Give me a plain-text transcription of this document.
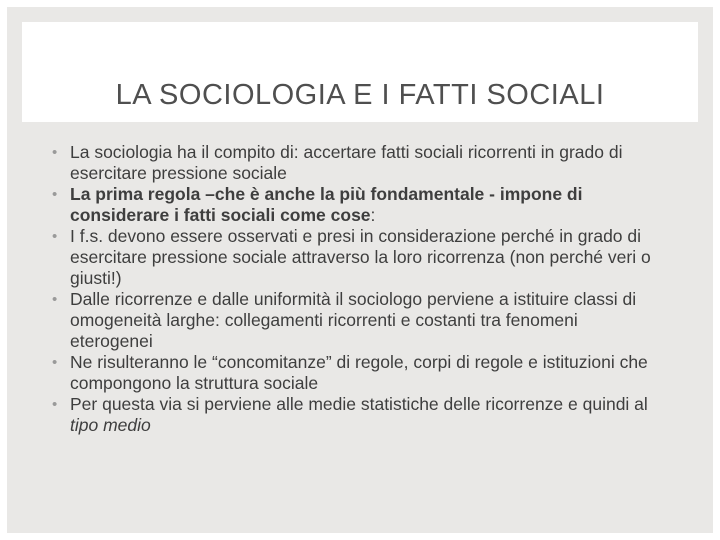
LA SOCIOLOGIA E I FATTI SOCIALI
• La sociologia ha il compito di: accertare fatti sociali ricorrenti in grado di esercitare pressione sociale
• La prima regola –che è anche la più fondamentale - impone di considerare i fatti sociali come cose:
• I f.s. devono essere osservati e presi in considerazione perché in grado di esercitare pressione sociale attraverso la loro ricorrenza (non perché veri o giusti!)
• Dalle ricorrenze e dalle uniformità il sociologo perviene a istituire classi di omogeneità larghe: collegamenti ricorrenti e costanti tra fenomeni eterogenei
• Ne risulteranno le “concomitanze” di regole, corpi di regole e istituzioni che compongono la struttura sociale
• Per questa via si perviene alle medie statistiche delle ricorrenze e quindi al tipo medio
